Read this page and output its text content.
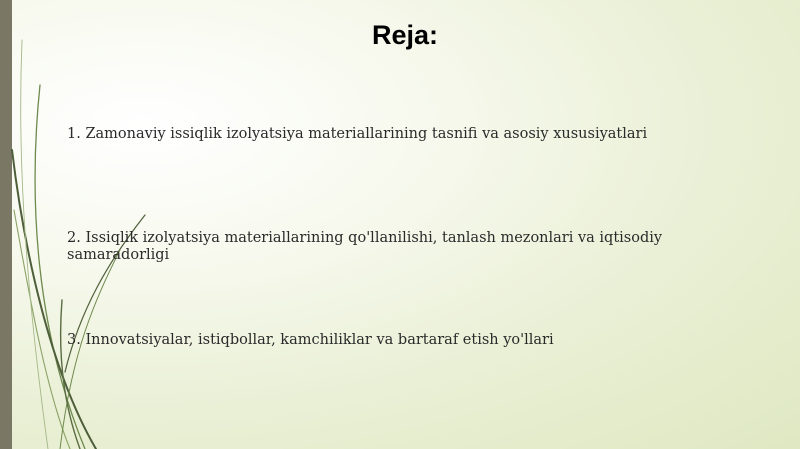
Reja:
1. Zamonaviy issiqlik izolyatsiya materiallarining tasnifi va asosiy xususiyatlari
2. Issiqlik izolyatsiya materiallarining qo'llanilishi, tanlash mezonlari va iqtisodiy samaradorligi
3. Innovatsiyalar, istiqbollar, kamchiliklar va bartaraf etish yo'llari
